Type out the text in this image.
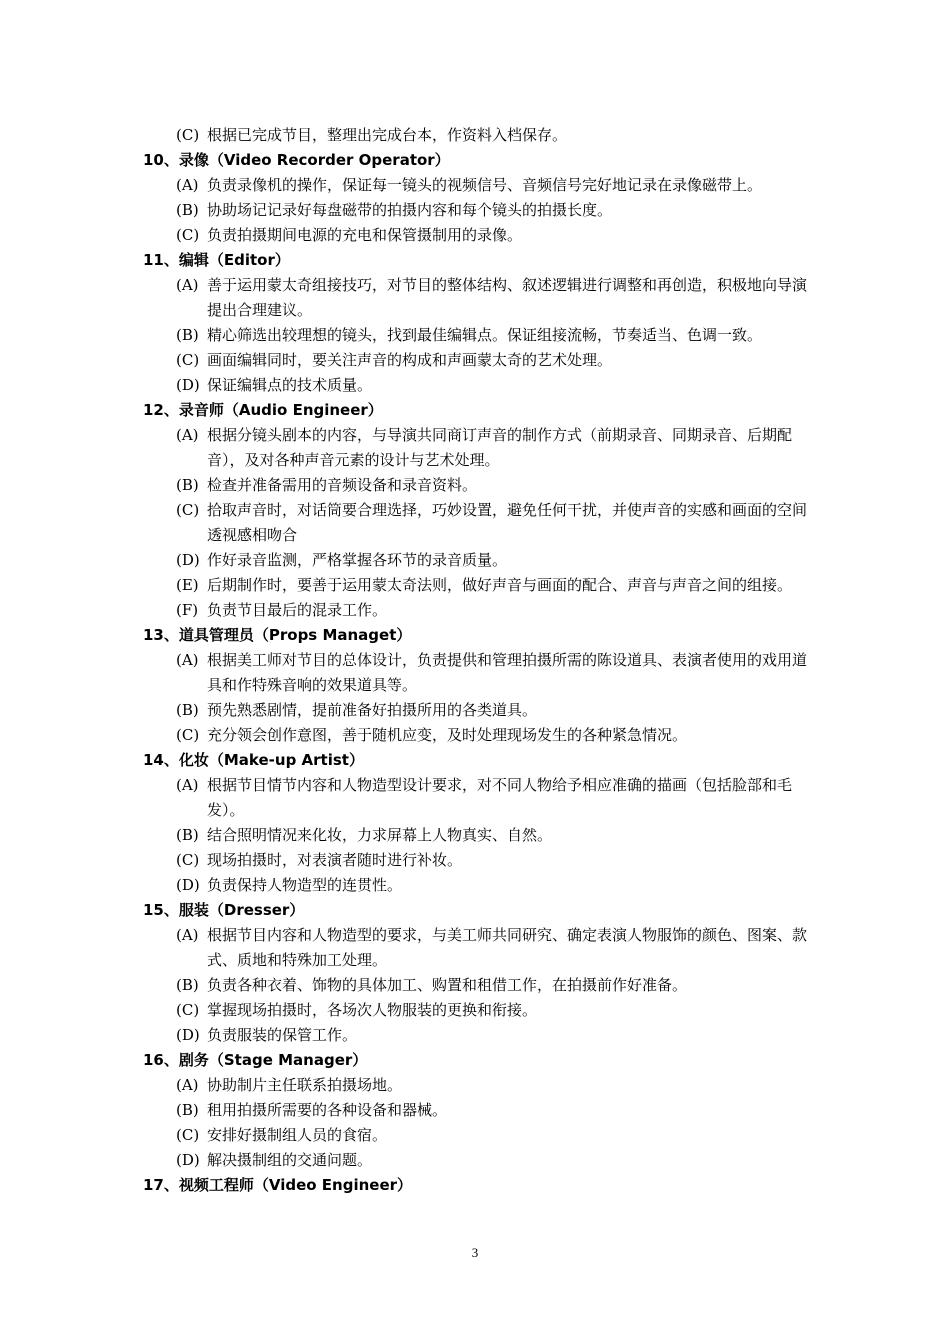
(C) 根据已完成节目，整理出完成台本，作资料入档保存。
10、录像（Video Recorder Operator）
(A) 负责录像机的操作，保证每一镜头的视频信号、音频信号完好地记录在录像磁带上。
(B) 协助场记记录好每盘磁带的拍摄内容和每个镜头的拍摄长度。
(C) 负责拍摄期间电源的充电和保管摄制用的录像。
11、编辑（Editor）
(A) 善于运用蒙太奇组接技巧，对节目的整体结构、叙述逻辑进行调整和再创造，积极地向导演提出合理建议。
(B) 精心筛选出较理想的镜头，找到最佳编辑点。保证组接流畅，节奏适当、色调一致。
(C) 画面编辑同时，要关注声音的构成和声画蒙太奇的艺术处理。
(D) 保证编辑点的技术质量。
12、录音师（Audio Engineer）
(A) 根据分镜头剧本的内容，与导演共同商订声音的制作方式（前期录音、同期录音、后期配音），及对各种声音元素的设计与艺术处理。
(B) 检查并准备需用的音频设备和录音资料。
(C) 拾取声音时，对话筒要合理选择，巧妙设置，避免任何干扰，并使声音的实感和画面的空间透视感相吻合
(D) 作好录音监测，严格掌握各环节的录音质量。
(E) 后期制作时，要善于运用蒙太奇法则，做好声音与画面的配合、声音与声音之间的组接。
(F) 负责节目最后的混录工作。
13、道具管理员（Props Managet）
(A) 根据美工师对节目的总体设计，负责提供和管理拍摄所需的陈设道具、表演者使用的戏用道具和作特殊音响的效果道具等。
(B) 预先熟悉剧情，提前准备好拍摄所用的各类道具。
(C) 充分领会创作意图，善于随机应变，及时处理现场发生的各种紧急情况。
14、化妆（Make-up Artist）
(A) 根据节目情节内容和人物造型设计要求，对不同人物给予相应准确的描画（包括脸部和毛发）。
(B) 结合照明情况来化妆，力求屏幕上人物真实、自然。
(C) 现场拍摄时，对表演者随时进行补妆。
(D) 负责保持人物造型的连贯性。
15、服装（Dresser）
(A) 根据节目内容和人物造型的要求，与美工师共同研究、确定表演人物服饰的颜色、图案、款式、质地和特殊加工处理。
(B) 负责各种衣着、饰物的具体加工、购置和租借工作，在拍摄前作好准备。
(C) 掌握现场拍摄时，各场次人物服装的更换和衔接。
(D) 负责服装的保管工作。
16、剧务（Stage Manager）
(A) 协助制片主任联系拍摄场地。
(B) 租用拍摄所需要的各种设备和器械。
(C) 安排好摄制组人员的食宿。
(D) 解决摄制组的交通问题。
17、视频工程师（Video Engineer）
3
